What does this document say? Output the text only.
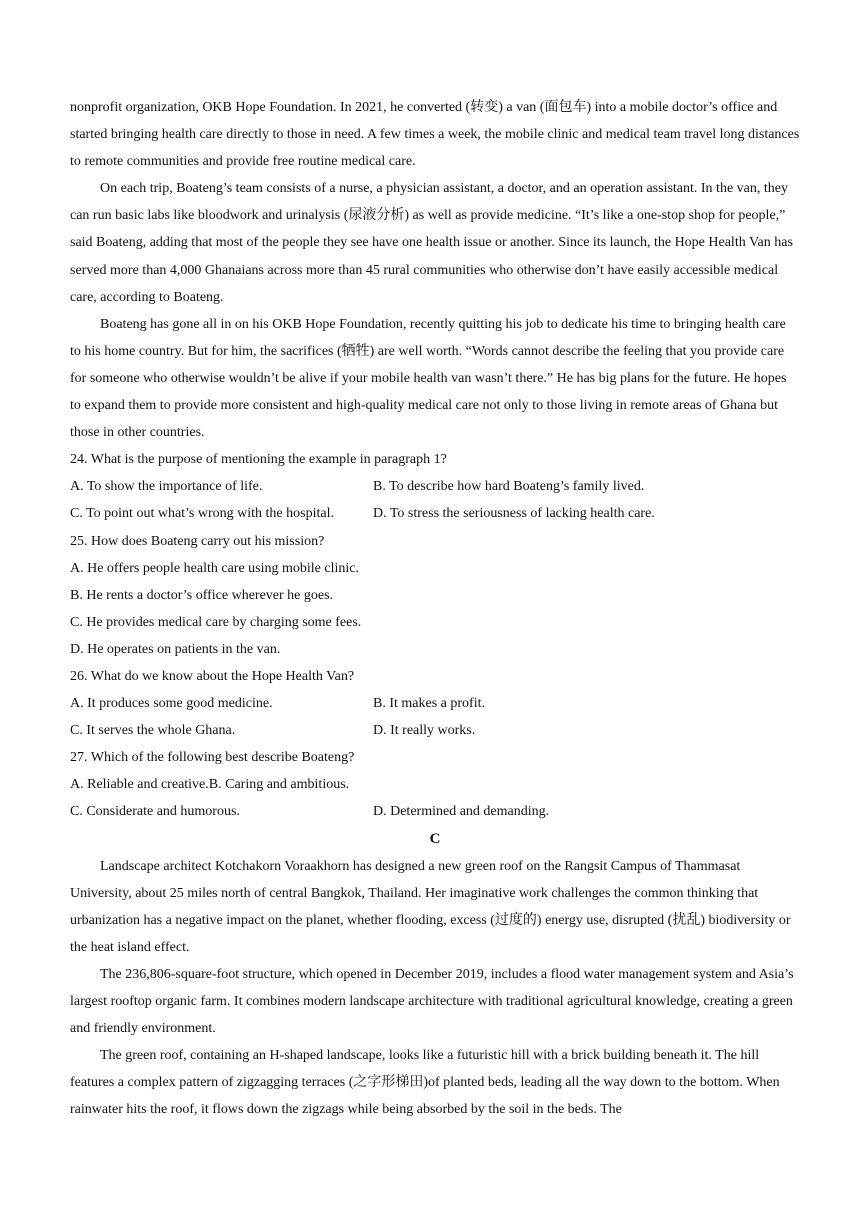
nonprofit organization, OKB Hope Foundation. In 2021, he converted (转变) a van (面包车) into a mobile doctor’s office and started bringing health care directly to those in need. A few times a week, the mobile clinic and medical team travel long distances to remote communities and provide free routine medical care.

On each trip, Boateng’s team consists of a nurse, a physician assistant, a doctor, and an operation assistant. In the van, they can run basic labs like bloodwork and urinalysis (尿液分析) as well as provide medicine. “It’s like a one-stop shop for people,” said Boateng, adding that most of the people they see have one health issue or another. Since its launch, the Hope Health Van has served more than 4,000 Ghanaians across more than 45 rural communities who otherwise don’t have easily accessible medical care, according to Boateng.

Boateng has gone all in on his OKB Hope Foundation, recently quitting his job to dedicate his time to bringing health care to his home country. But for him, the sacrifices (牺牲) are well worth. “Words cannot describe the feeling that you provide care for someone who otherwise wouldn’t be alive if your mobile health van wasn’t there.” He has big plans for the future. He hopes to expand them to provide more consistent and high-quality medical care not only to those living in remote areas of Ghana but those in other countries.

24. What is the purpose of mentioning the example in paragraph 1?

A. To show the importance of life.	B. To describe how hard Boateng’s family lived.
C. To point out what’s wrong with the hospital.	D. To stress the seriousness of lacking health care.

25. How does Boateng carry out his mission?

A. He offers people health care using mobile clinic.

B. He rents a doctor’s office wherever he goes.

C. He provides medical care by charging some fees.

D. He operates on patients in the van.

26. What do we know about the Hope Health Van?

A. It produces some good medicine.	B. It makes a profit.
C. It serves the whole Ghana.	D. It really works.

27. Which of the following best describe Boateng?

A. Reliable and creative.B. Caring and ambitious.

C. Considerate and humorous.	D. Determined and demanding.

C

Landscape architect Kotchakorn Voraakhorn has designed a new green roof on the Rangsit Campus of Thammasat University, about 25 miles north of central Bangkok, Thailand. Her imaginative work challenges the common thinking that urbanization has a negative impact on the planet, whether flooding, excess (过度的) energy use, disrupted (扰乱) biodiversity or the heat island effect.

The 236,806-square-foot structure, which opened in December 2019, includes a flood water management system and Asia’s largest rooftop organic farm. It combines modern landscape architecture with traditional agricultural knowledge, creating a green and friendly environment.

The green roof, containing an H-shaped landscape, looks like a futuristic hill with a brick building beneath it. The hill features a complex pattern of zigzagging terraces (之字形梯田)of planted beds, leading all the way down to the bottom. When rainwater hits the roof, it flows down the zigzags while being absorbed by the soil in the beds. The
